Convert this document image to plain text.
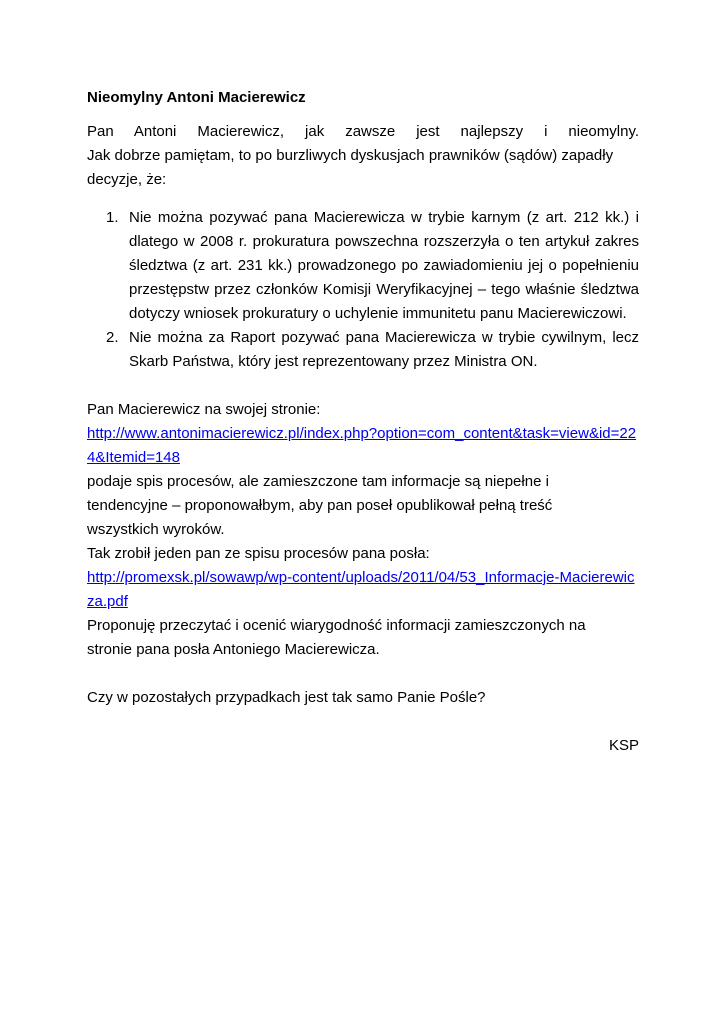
Nieomylny Antoni Macierewicz

Pan Antoni Macierewicz, jak zawsze jest najlepszy i nieomylny.

Jak dobrze pamiętam, to po burzliwych dyskusjach prawników (sądów) zapadły decyzje, że:

1. Nie można pozywać pana Macierewicza w trybie karnym (z art. 212 kk.) i dlatego w 2008 r. prokuratura powszechna rozszerzyła o ten artykuł zakres śledztwa (z art. 231 kk.) prowadzonego po zawiadomieniu jej o popełnieniu przestępstw przez członków Komisji Weryfikacyjnej – tego właśnie śledztwa dotyczy wniosek prokuratury o uchylenie immunitetu panu Macierewiczowi.
2. Nie można za Raport pozywać pana Macierewicza w trybie cywilnym, lecz Skarb Państwa, który jest reprezentowany przez Ministra ON.
Pan Macierewicz na swojej stronie:
http://www.antonimacierewicz.pl/index.php?option=com_content&task=view&id=224&Itemid=148
podaje spis procesów, ale zamieszczone tam informacje są niepełne i
tendencyjne – proponowałbym, aby pan poseł opublikował pełną treść
wszystkich wyroków.
Tak zrobił jeden pan ze spisu procesów pana posła:
http://promexsk.pl/sowawp/wp-content/uploads/2011/04/53_Informacje-Macierewicza.pdf
Proponuję przeczytać i ocenić wiarygodność informacji zamieszczonych na
stronie pana posła Antoniego Macierewicza.
Czy w pozostałych przypadkach jest tak samo Panie Pośle?
KSP
